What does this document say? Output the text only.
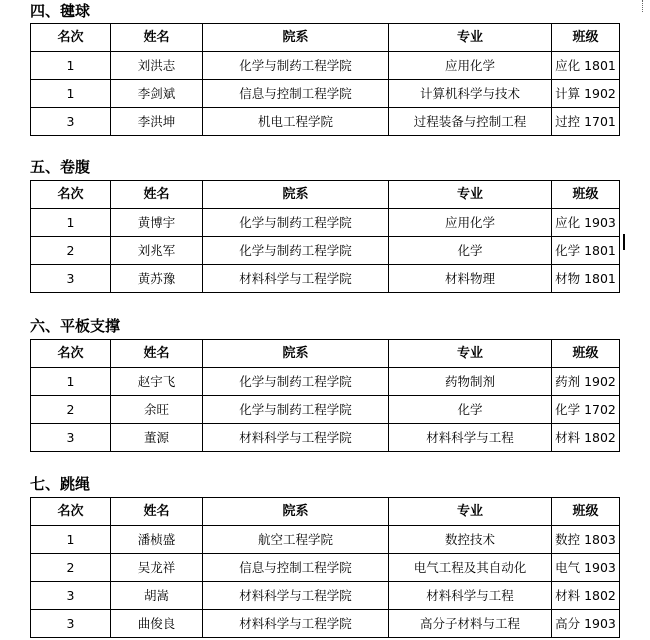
四、毽球
名次	姓名	院系	专业	班级
1	刘洪志	化学与制药工程学院	应用化学	应化 1801
1	李剑斌	信息与控制工程学院	计算机科学与技术	计算 1902
3	李洪坤	机电工程学院	过程装备与控制工程	过控 1701
五、卷腹
名次	姓名	院系	专业	班级
1	黄博宇	化学与制药工程学院	应用化学	应化 1903
2	刘兆军	化学与制药工程学院	化学	化学 1801
3	黄苏豫	材料科学与工程学院	材料物理	材物 1801
六、平板支撑
名次	姓名	院系	专业	班级
1	赵宇飞	化学与制药工程学院	药物制剂	药剂 1902
2	余旺	化学与制药工程学院	化学	化学 1702
3	董源	材料科学与工程学院	材料科学与工程	材料 1802
七、跳绳
名次	姓名	院系	专业	班级
1	潘桢盛	航空工程学院	数控技术	数控 1803
2	吴龙祥	信息与控制工程学院	电气工程及其自动化	电气 1903
3	胡嵩	材料科学与工程学院	材料科学与工程	材料 1802
3	曲俊良	材料科学与工程学院	高分子材料与工程	高分 1903
